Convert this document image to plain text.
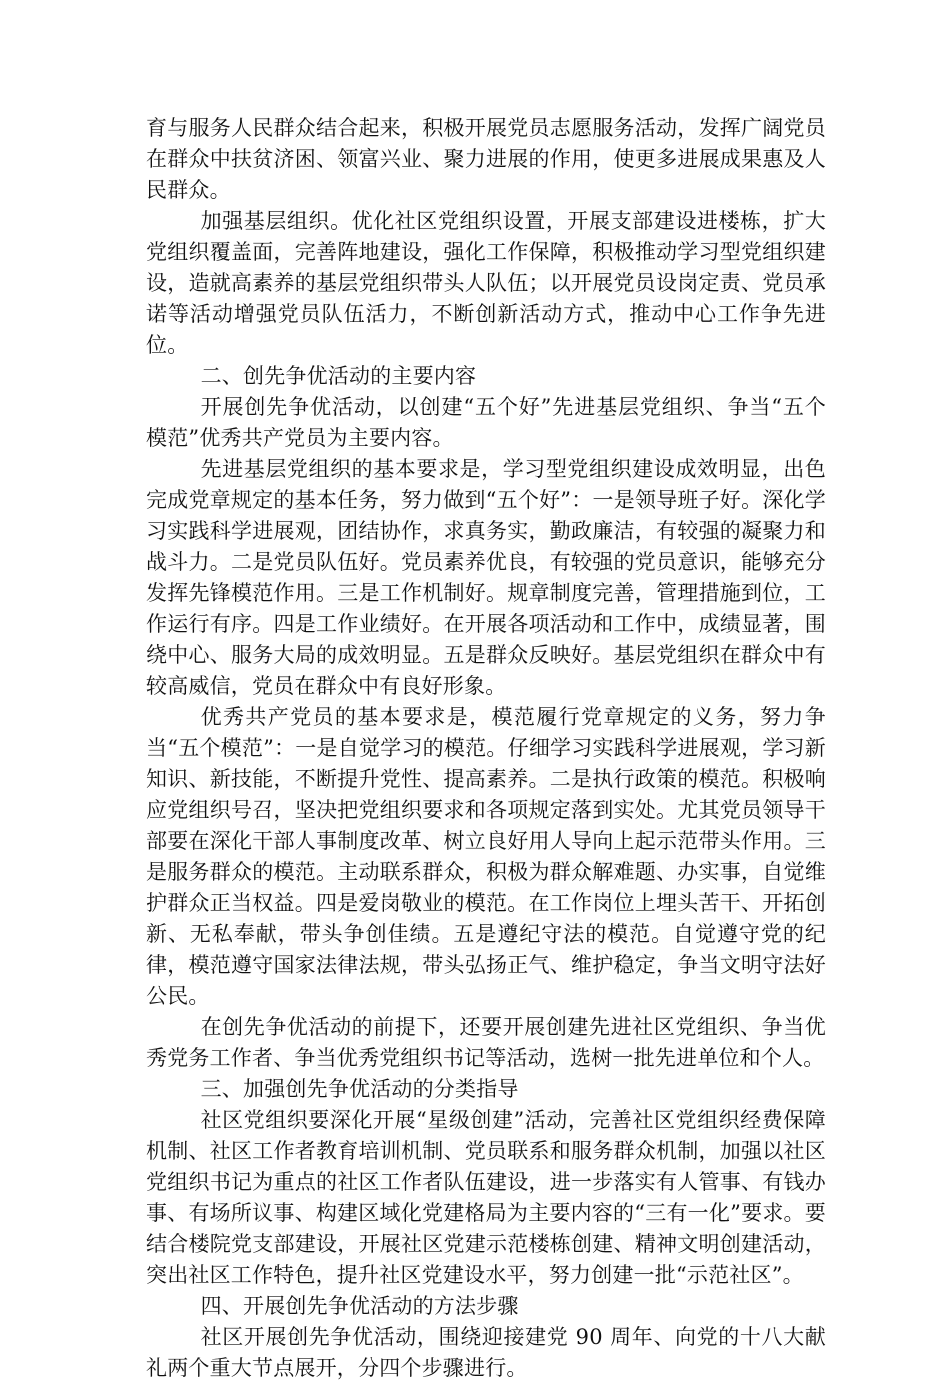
育与服务人民群众结合起来，积极开展党员志愿服务活动，发挥广阔党员在群众中扶贫济困、领富兴业、聚力进展的作用，使更多进展成果惠及人民群众。

加强基层组织。优化社区党组织设置，开展支部建设进楼栋，扩大党组织覆盖面，完善阵地建设，强化工作保障，积极推动学习型党组织建设，造就高素养的基层党组织带头人队伍；以开展党员设岗定责、党员承诺等活动增强党员队伍活力，不断创新活动方式，推动中心工作争先进位。

二、创先争优活动的主要内容

开展创先争优活动，以创建“五个好”先进基层党组织、争当“五个模范”优秀共产党员为主要内容。

先进基层党组织的基本要求是，学习型党组织建设成效明显，出色完成党章规定的基本任务，努力做到“五个好”：一是领导班子好。深化学习实践科学进展观，团结协作，求真务实，勤政廉洁，有较强的凝聚力和战斗力。二是党员队伍好。党员素养优良，有较强的党员意识，能够充分发挥先锋模范作用。三是工作机制好。规章制度完善，管理措施到位，工作运行有序。四是工作业绩好。在开展各项活动和工作中，成绩显著，围绕中心、服务大局的成效明显。五是群众反映好。基层党组织在群众中有较高威信，党员在群众中有良好形象。

优秀共产党员的基本要求是，模范履行党章规定的义务，努力争当“五个模范”：一是自觉学习的模范。仔细学习实践科学进展观，学习新知识、新技能，不断提升党性、提高素养。二是执行政策的模范。积极响应党组织号召，坚决把党组织要求和各项规定落到实处。尤其党员领导干部要在深化干部人事制度改革、树立良好用人导向上起示范带头作用。三是服务群众的模范。主动联系群众，积极为群众解难题、办实事，自觉维护群众正当权益。四是爱岗敬业的模范。在工作岗位上埋头苦干、开拓创新、无私奉献，带头争创佳绩。五是遵纪守法的模范。自觉遵守党的纪律，模范遵守国家法律法规，带头弘扬正气、维护稳定，争当文明守法好公民。

在创先争优活动的前提下，还要开展创建先进社区党组织、争当优秀党务工作者、争当优秀党组织书记等活动，选树一批先进单位和个人。

三、加强创先争优活动的分类指导

社区党组织要深化开展“星级创建”活动，完善社区党组织经费保障机制、社区工作者教育培训机制、党员联系和服务群众机制，加强以社区党组织书记为重点的社区工作者队伍建设，进一步落实有人管事、有钱办事、有场所议事、构建区域化党建格局为主要内容的“三有一化”要求。要结合楼院党支部建设，开展社区党建示范楼栋创建、精神文明创建活动，突出社区工作特色，提升社区党建设水平，努力创建一批“示范社区”。

四、开展创先争优活动的方法步骤

社区开展创先争优活动，围绕迎接建党 90 周年、向党的十八大献礼两个重大节点展开，分四个步骤进行。
